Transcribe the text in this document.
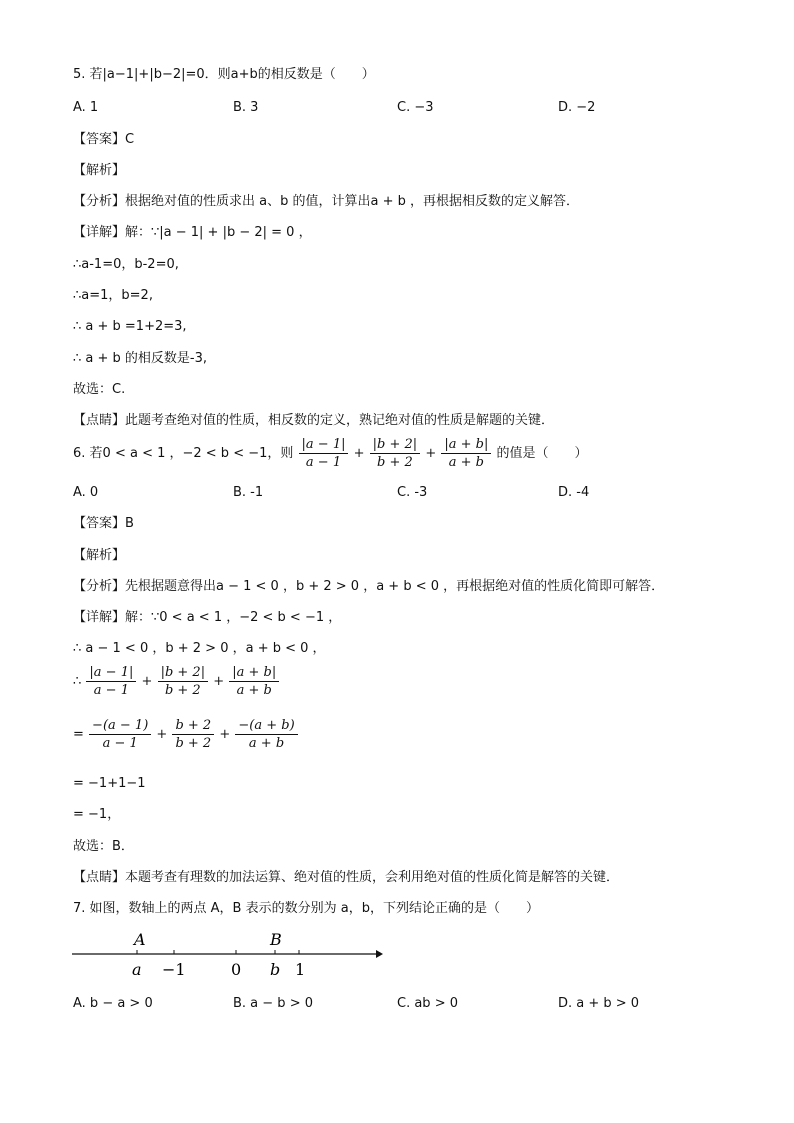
5. 若|a−1|+|b−2|=0．则a+b的相反数是（　　）
A. 1	B. 3	C. −3	D. −2
【答案】C
【解析】
【分析】根据绝对值的性质求出 a、b 的值，计算出a + b ，再根据相反数的定义解答．
【详解】解：∵|a − 1| + |b − 2| = 0 ，
∴a-1=0，b-2=0,
∴a=1，b=2,
∴ a + b =1+2=3,
∴ a + b 的相反数是-3,
故选：C.
【点睛】此题考查绝对值的性质，相反数的定义，熟记绝对值的性质是解题的关键．
6. 若0 < a < 1 ，−2 < b < −1，则 $\frac{|a - 1|}{a - 1} + \frac{|b + 2|}{b + 2} + \frac{|a + b|}{a + b}$ 的值是（　　）
A. 0	B. -1	C. -3	D. -4
【答案】B
【解析】
【分析】先根据题意得出a − 1 < 0 ，b + 2 > 0 ，a + b < 0 ，再根据绝对值的性质化简即可解答．
【详解】解：∵0 < a < 1 ，−2 < b < −1 ，
∴ a − 1 < 0 ，b + 2 > 0 ，a + b < 0 ，
∴ $\frac{|a - 1|}{a - 1} + \frac{|b + 2|}{b + 2} + \frac{|a + b|}{a + b}$
= $\frac{-(a - 1)}{a - 1} + \frac{b + 2}{b + 2} + \frac{-(a + b)}{a + b}$
= −1+1−1
= −1，
故选：B．
【点睛】本题考查有理数的加法运算、绝对值的性质，会利用绝对值的性质化简是解答的关键．
7. 如图，数轴上的两点 A，B 表示的数分别为 a，b，下列结论正确的是（　　）
A	B
a −1	0 b 1
A. b − a > 0	B. a − b > 0	C. ab > 0	D. a + b > 0
